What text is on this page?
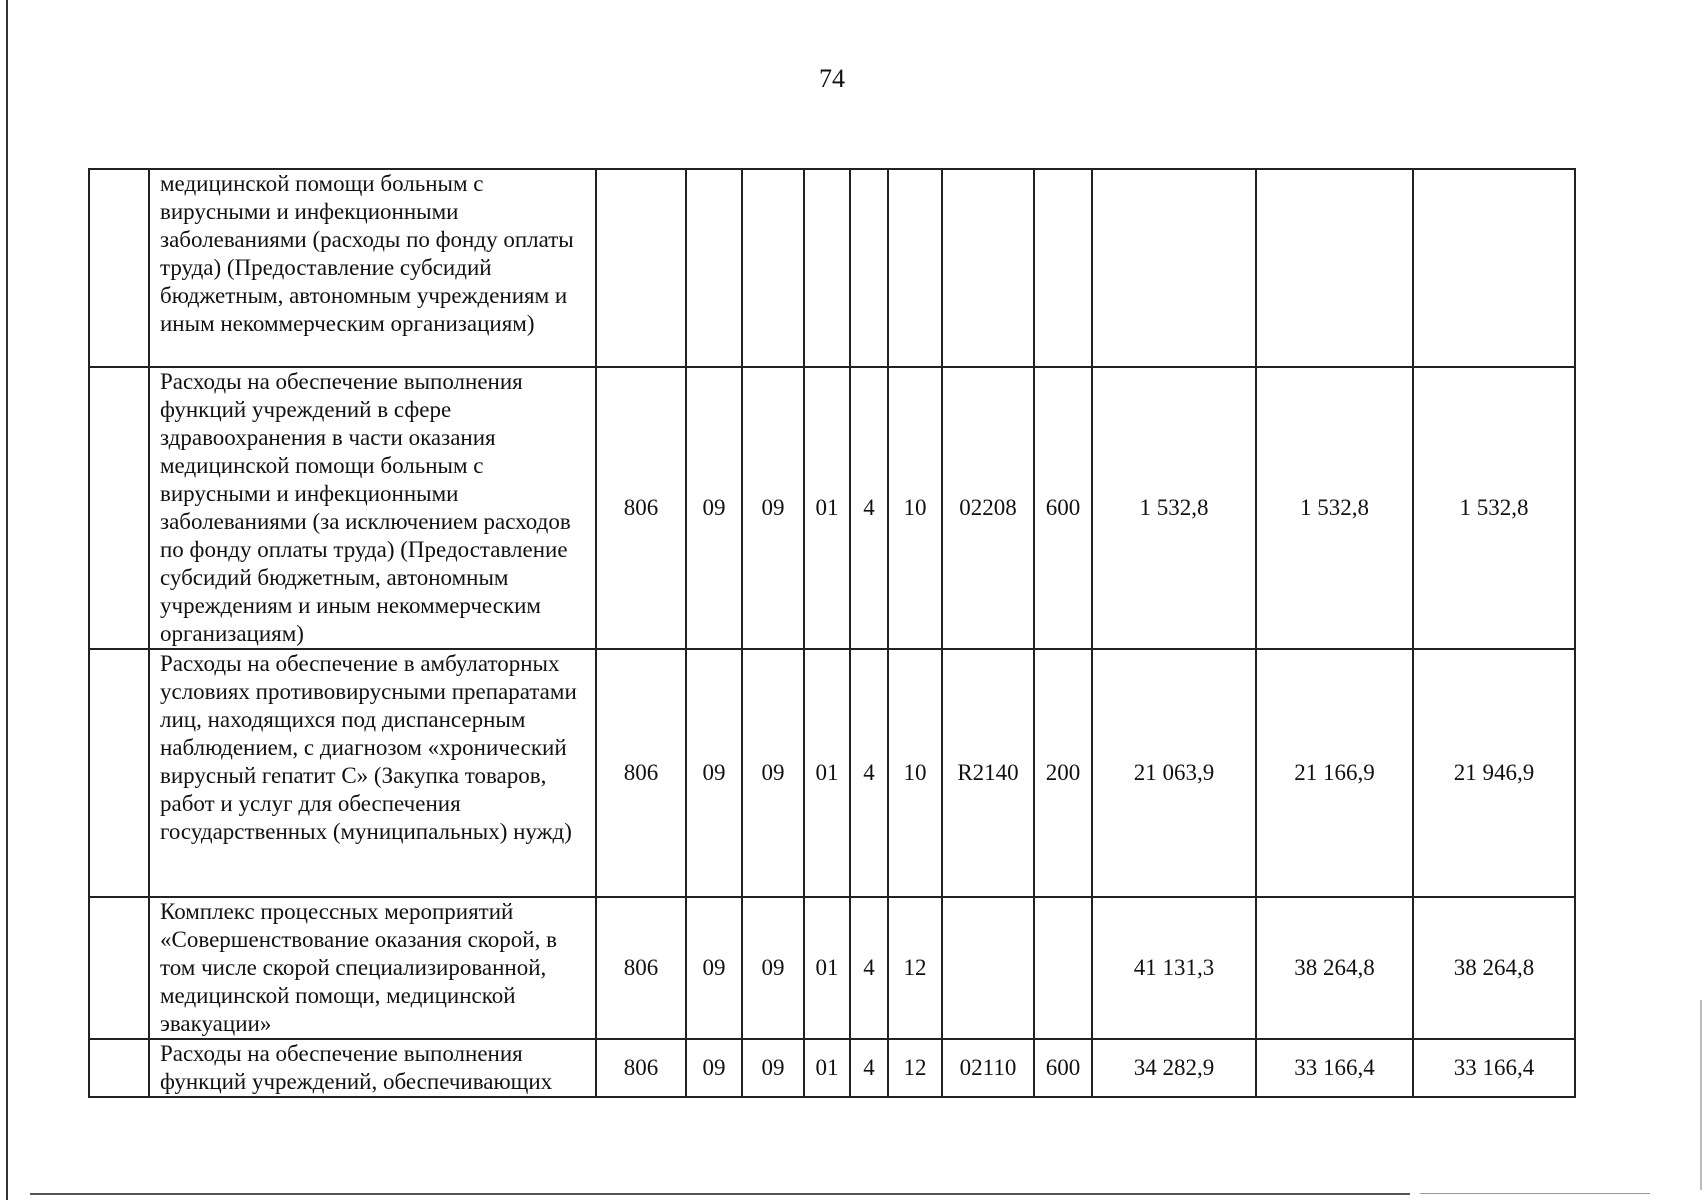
74
	медицинской помощи больным с вирусными и инфекционными заболеваниями (расходы по фонду оплаты труда) (Предоставление субсидий бюджетным, автономным учреждениям и иным некоммерческим организациям)											
	Расходы на обеспечение выполнения функций учреждений в сфере здравоохранения в части оказания медицинской помощи больным с вирусными и инфекционными заболеваниями (за исключением расходов по фонду оплаты труда) (Предоставление субсидий бюджетным, автономным учреждениям и иным некоммерческим организациям)	806	09	09	01	4	10	02208	600	1 532,8	1 532,8	1 532,8
	Расходы на обеспечение в амбулаторных условиях противовирусными препаратами лиц, находящихся под диспансерным наблюдением, с диагнозом «хронический вирусный гепатит С» (Закупка товаров, работ и услуг для обеспечения государственных (муниципальных) нужд)	806	09	09	01	4	10	R2140	200	21 063,9	21 166,9	21 946,9
	Комплекс процессных мероприятий «Совершенствование оказания скорой, в том числе скорой специализированной, медицинской помощи, медицинской эвакуации»	806	09	09	01	4	12			41 131,3	38 264,8	38 264,8
	Расходы на обеспечение выполнения функций учреждений, обеспечивающих	806	09	09	01	4	12	02110	600	34 282,9	33 166,4	33 166,4
